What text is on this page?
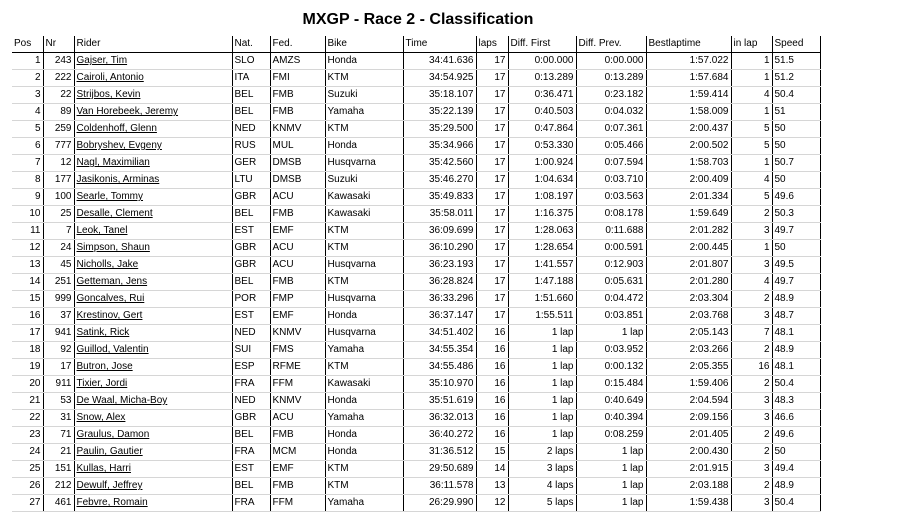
MXGP - Race 2 - Classification
Pos	Nr	Rider	Nat.	Fed.	Bike	Time	laps	Diff. First	Diff. Prev.	Bestlaptime	in lap	Speed
1	243	Gajser, Tim	SLO	AMZS	Honda	34:41.636	17	0:00.000	0:00.000	1:57.022	1	51.5
2	222	Cairoli, Antonio	ITA	FMI	KTM	34:54.925	17	0:13.289	0:13.289	1:57.684	1	51.2
3	22	Strijbos, Kevin	BEL	FMB	Suzuki	35:18.107	17	0:36.471	0:23.182	1:59.414	4	50.4
4	89	Van Horebeek, Jeremy	BEL	FMB	Yamaha	35:22.139	17	0:40.503	0:04.032	1:58.009	1	51
5	259	Coldenhoff, Glenn	NED	KNMV	KTM	35:29.500	17	0:47.864	0:07.361	2:00.437	5	50
6	777	Bobryshev, Evgeny	RUS	MUL	Honda	35:34.966	17	0:53.330	0:05.466	2:00.502	5	50
7	12	Nagl, Maximilian	GER	DMSB	Husqvarna	35:42.560	17	1:00.924	0:07.594	1:58.703	1	50.7
8	177	Jasikonis, Arminas	LTU	DMSB	Suzuki	35:46.270	17	1:04.634	0:03.710	2:00.409	4	50
9	100	Searle, Tommy	GBR	ACU	Kawasaki	35:49.833	17	1:08.197	0:03.563	2:01.334	5	49.6
10	25	Desalle, Clement	BEL	FMB	Kawasaki	35:58.011	17	1:16.375	0:08.178	1:59.649	2	50.3
11	7	Leok, Tanel	EST	EMF	KTM	36:09.699	17	1:28.063	0:11.688	2:01.282	3	49.7
12	24	Simpson, Shaun	GBR	ACU	KTM	36:10.290	17	1:28.654	0:00.591	2:00.445	1	50
13	45	Nicholls, Jake	GBR	ACU	Husqvarna	36:23.193	17	1:41.557	0:12.903	2:01.807	3	49.5
14	251	Getteman, Jens	BEL	FMB	KTM	36:28.824	17	1:47.188	0:05.631	2:01.280	4	49.7
15	999	Goncalves, Rui	POR	FMP	Husqvarna	36:33.296	17	1:51.660	0:04.472	2:03.304	2	48.9
16	37	Krestinov, Gert	EST	EMF	Honda	36:37.147	17	1:55.511	0:03.851	2:03.768	3	48.7
17	941	Satink, Rick	NED	KNMV	Husqvarna	34:51.402	16	1 lap	1 lap	2:05.143	7	48.1
18	92	Guillod, Valentin	SUI	FMS	Yamaha	34:55.354	16	1 lap	0:03.952	2:03.266	2	48.9
19	17	Butron, Jose	ESP	RFME	KTM	34:55.486	16	1 lap	0:00.132	2:05.355	16	48.1
20	911	Tixier, Jordi	FRA	FFM	Kawasaki	35:10.970	16	1 lap	0:15.484	1:59.406	2	50.4
21	53	De Waal, Micha-Boy	NED	KNMV	Honda	35:51.619	16	1 lap	0:40.649	2:04.594	3	48.3
22	31	Snow, Alex	GBR	ACU	Yamaha	36:32.013	16	1 lap	0:40.394	2:09.156	3	46.6
23	71	Graulus, Damon	BEL	FMB	Honda	36:40.272	16	1 lap	0:08.259	2:01.405	2	49.6
24	21	Paulin, Gautier	FRA	MCM	Honda	31:36.512	15	2 laps	1 lap	2:00.430	2	50
25	151	Kullas, Harri	EST	EMF	KTM	29:50.689	14	3 laps	1 lap	2:01.915	3	49.4
26	212	Dewulf, Jeffrey	BEL	FMB	KTM	36:11.578	13	4 laps	1 lap	2:03.188	2	48.9
27	461	Febvre, Romain	FRA	FFM	Yamaha	26:29.990	12	5 laps	1 lap	1:59.438	3	50.4
